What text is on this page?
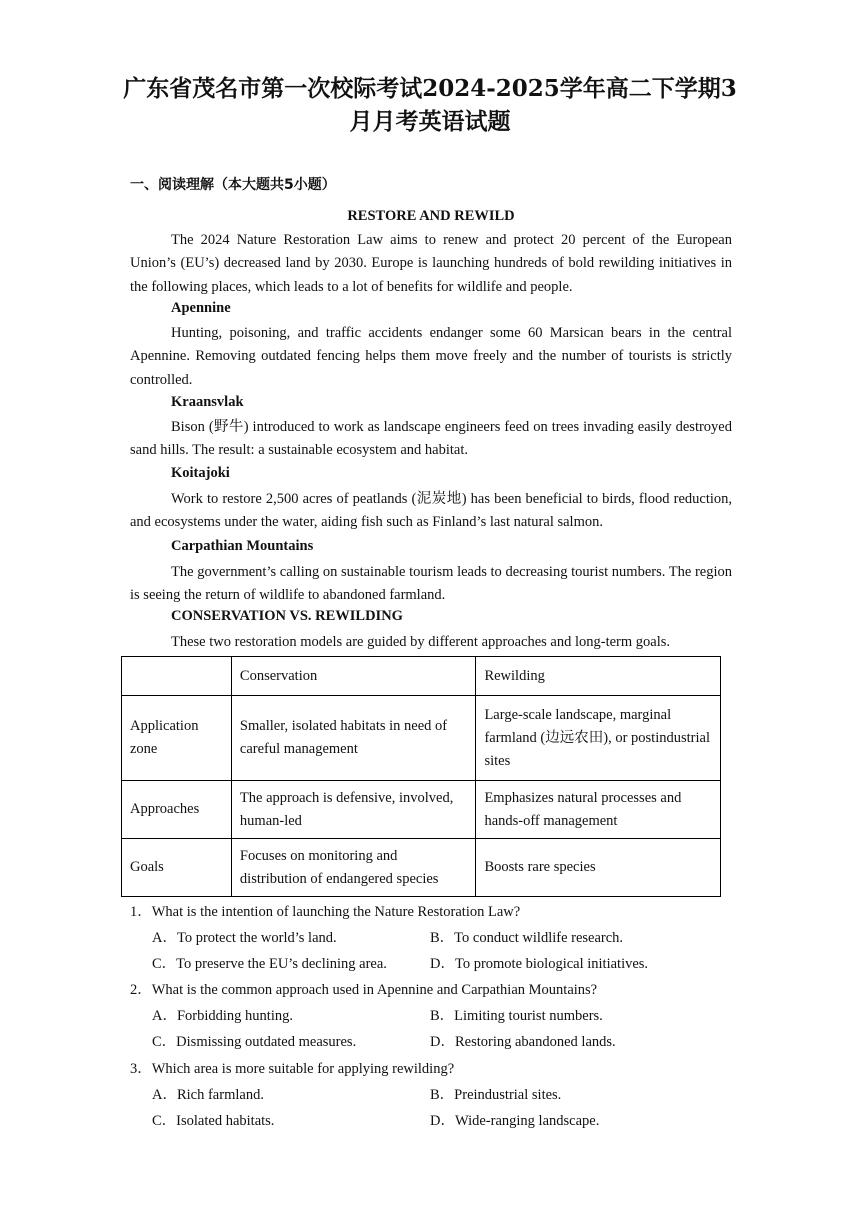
广东省茂名市第一次校际考试2024-2025学年高二下学期3
月月考英语试题
一、阅读理解（本大题共5小题）
RESTORE AND REWILD
The 2024 Nature Restoration Law aims to renew and protect 20 percent of the European Union’s (EU’s) decreased land by 2030. Europe is launching hundreds of bold rewilding initiatives in the following places, which leads to a lot of benefits for wildlife and people.
Apennine
Hunting, poisoning, and traffic accidents endanger some 60 Marsican bears in the central Apennine. Removing outdated fencing helps them move freely and the number of tourists is strictly controlled.
Kraansvlak
Bison (野牛) introduced to work as landscape engineers feed on trees invading easily destroyed sand hills. The result: a sustainable ecosystem and habitat.
Koitajoki
Work to restore 2,500 acres of peatlands (泥炭地) has been beneficial to birds, flood reduction, and ecosystems under the water, aiding fish such as Finland’s last natural salmon.
Carpathian Mountains
The government’s calling on sustainable tourism leads to decreasing tourist numbers. The region is seeing the return of wildlife to abandoned farmland.
CONSERVATION VS. REWILDING
These two restoration models are guided by different approaches and long-term goals.
	Conservation	Rewilding
Application zone	Smaller, isolated habitats in need of careful management	Large-scale landscape, marginal farmland (边远农田), or postindustrial sites
Approaches	The approach is defensive, involved, human-led	Emphasizes natural processes and hands-off management
Goals	Focuses on monitoring and distribution of endangered species	Boosts rare species
1．What is the intention of launching the Nature Restoration Law?
A．To protect the world’s land.	B．To conduct wildlife research.
C．To preserve the EU’s declining area.	D．To promote biological initiatives.
2．What is the common approach used in Apennine and Carpathian Mountains?
A．Forbidding hunting.	B．Limiting tourist numbers.
C．Dismissing outdated measures.	D．Restoring abandoned lands.
3．Which area is more suitable for applying rewilding?
A．Rich farmland.	B．Preindustrial sites.
C．Isolated habitats.	D．Wide-ranging landscape.
